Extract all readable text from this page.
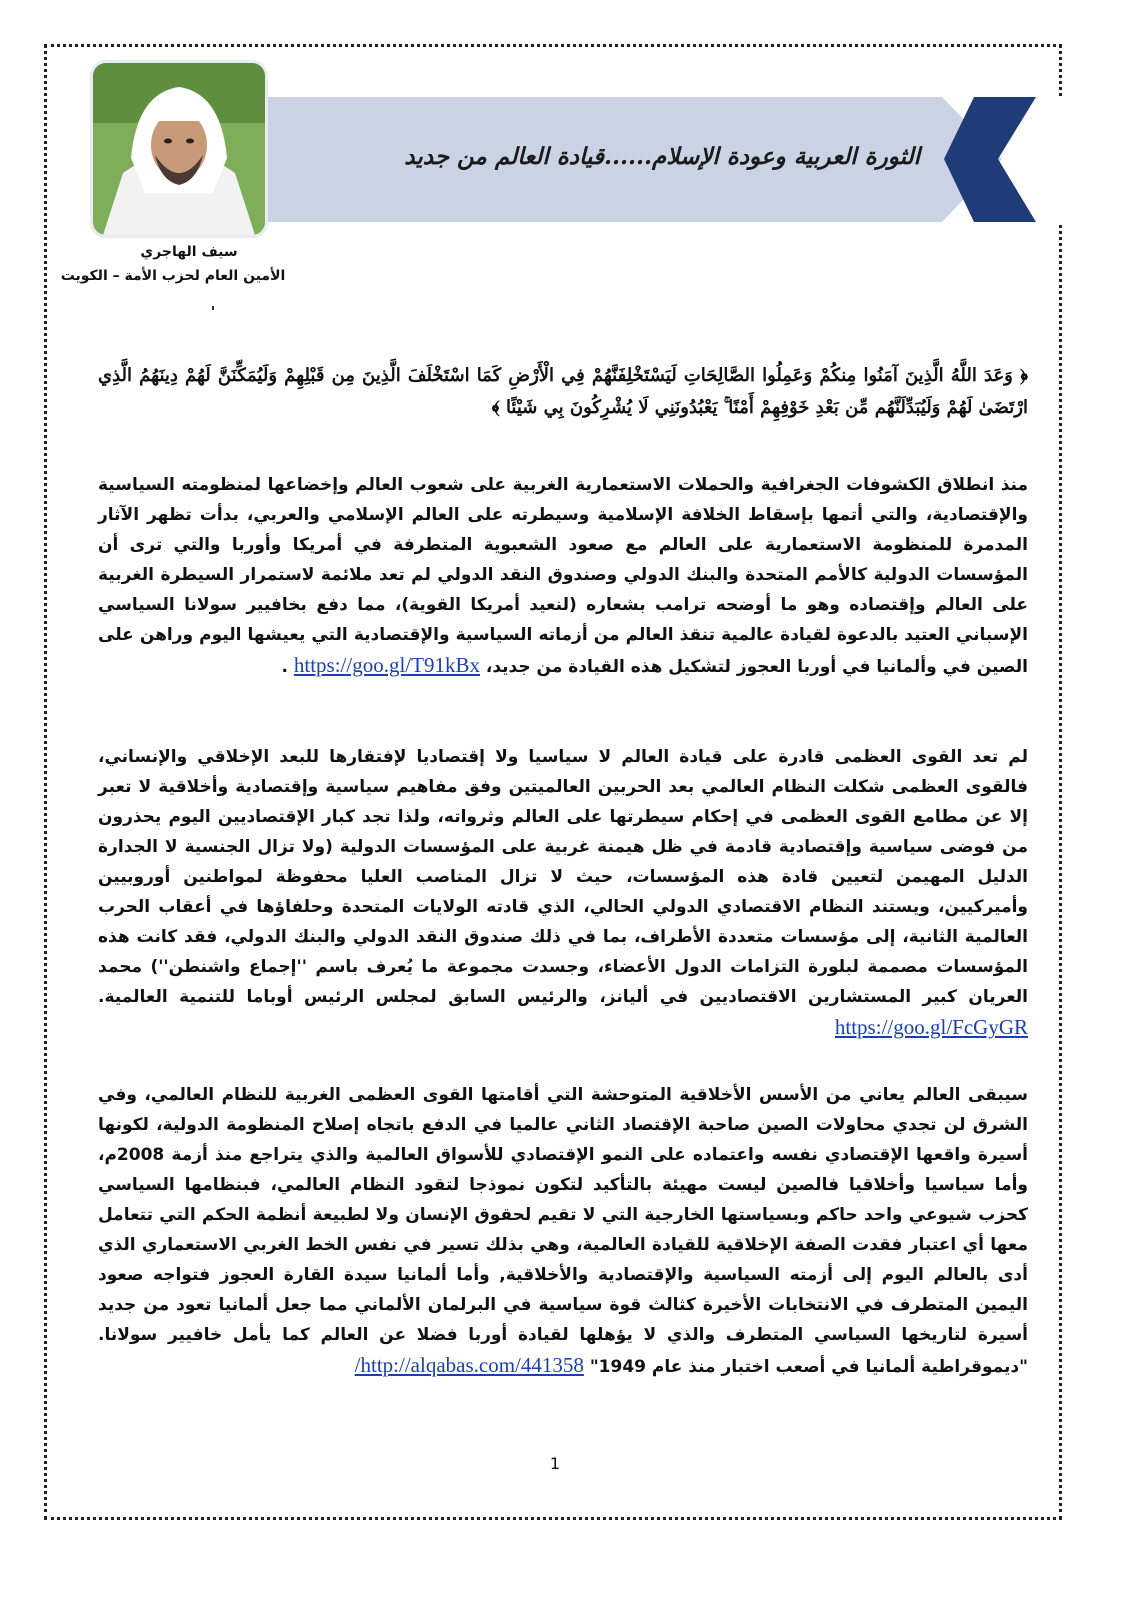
الثورة العربية وعودة الإسلام......قيادة العالم من جديد
سيف الهاجري
الأمين العام لحزب الأمة – الكويت
﴿ وَعَدَ اللَّهُ الَّذِينَ آمَنُوا مِنكُمْ وَعَمِلُوا الصَّالِحَاتِ لَيَسْتَخْلِفَنَّهُمْ فِي الْأَرْضِ كَمَا اسْتَخْلَفَ الَّذِينَ مِن قَبْلِهِمْ وَلَيُمَكِّنَنَّ لَهُمْ دِينَهُمُ الَّذِي ارْتَضَىٰ لَهُمْ وَلَيُبَدِّلَنَّهُم مِّن بَعْدِ خَوْفِهِمْ أَمْنًا ۚ يَعْبُدُونَنِي لَا يُشْرِكُونَ بِي شَيْئًا ﴾
منذ انطلاق الكشوفات الجغرافية والحملات الاستعمارية الغربية على شعوب العالم وإخضاعها لمنظومته السياسية والإقتصادية، والتي أتمها بإسقاط الخلافة الإسلامية وسيطرته على العالم الإسلامي والعربي، بدأت تظهر الآثار المدمرة للمنظومة الاستعمارية على العالم مع صعود الشعبوية المتطرفة في أمريكا وأوربا والتي ترى أن المؤسسات الدولية كالأمم المتحدة والبنك الدولي وصندوق النقد الدولي لم تعد ملائمة لاستمرار السيطرة الغربية على العالم وإقتصاده وهو ما أوضحه ترامب بشعاره (لنعيد أمريكا القوية)، مما دفع بخافيير سولانا السياسي الإسباني العتيد بالدعوة لقيادة عالمية تنقذ العالم من أزماته السياسية والإقتصادية التي يعيشها اليوم وراهن على الصين في وألمانيا في أوربا العجوز لتشكيل هذه القيادة من جديد، https://goo.gl/T91kBx .
لم تعد القوى العظمى قادرة على قيادة العالم لا سياسيا ولا إقتصاديا لإفتقارها للبعد الإخلاقي والإنساني، فالقوى العظمى شكلت النظام العالمي بعد الحربين العالميتين وفق مفاهيم سياسية وإقتصادية وأخلاقية لا تعبر إلا عن مطامع القوى العظمى في إحكام سيطرتها على العالم وثرواته، ولذا تجد كبار الإقتصاديين اليوم يحذرون من فوضى سياسية وإقتصادية قادمة في ظل هيمنة غربية على المؤسسات الدولية (ولا تزال الجنسية لا الجدارة الدليل المهيمن لتعيين قادة هذه المؤسسات، حيث لا تزال المناصب العليا محفوظة لمواطنين أوروبيين وأميركيين، ويستند النظام الاقتصادي الدولي الحالي، الذي قادته الولايات المتحدة وحلفاؤها في أعقاب الحرب العالمية الثانية، إلى مؤسسات متعددة الأطراف، بما في ذلك صندوق النقد الدولي والبنك الدولي، فقد كانت هذه المؤسسات مصممة لبلورة التزامات الدول الأعضاء، وجسدت مجموعة ما يُعرف باسم ''إجماع واشنطن'') محمد العريان كبير المستشارين الاقتصاديين في أليانز، والرئيس السابق لمجلس الرئيس أوباما للتنمية العالمية. https://goo.gl/FcGyGR
سيبقى العالم يعاني من الأسس الأخلاقية المتوحشة التي أقامتها القوى العظمى الغربية للنظام العالمي، وفي الشرق لن تجدي محاولات الصين صاحبة الإقتصاد الثاني عالميا في الدفع باتجاه إصلاح المنظومة الدولية، لكونها أسيرة واقعها الإقتصادي نفسه واعتماده على النمو الإقتصادي للأسواق العالمية والذي يتراجع منذ أزمة 2008م، وأما سياسيا وأخلاقيا فالصين ليست مهيئة بالتأكيد لتكون نموذجا لتقود النظام العالمي، فبنظامها السياسي كحزب شيوعي واحد حاكم وبسياستها الخارجية التي لا تقيم لحقوق الإنسان ولا لطبيعة أنظمة الحكم التي تتعامل معها أي اعتبار فقدت الصفة الإخلاقية للقيادة العالمية، وهي بذلك تسير في نفس الخط الغربي الاستعماري الذي أدى بالعالم اليوم إلى أزمته السياسية والإقتصادية والأخلاقية, وأما ألمانيا سيدة القارة العجوز فتواجه صعود اليمين المتطرف في الانتخابات الأخيرة كثالث قوة سياسية في البرلمان الألماني مما جعل ألمانيا تعود من جديد أسيرة لتاريخها السياسي المتطرف والذي لا يؤهلها لقيادة أوربا فضلا عن العالم كما يأمل خافيير سولانا. "ديموقراطية ألمانيا في أصعب اختبار منذ عام 1949" http://alqabas.com/441358/
1
